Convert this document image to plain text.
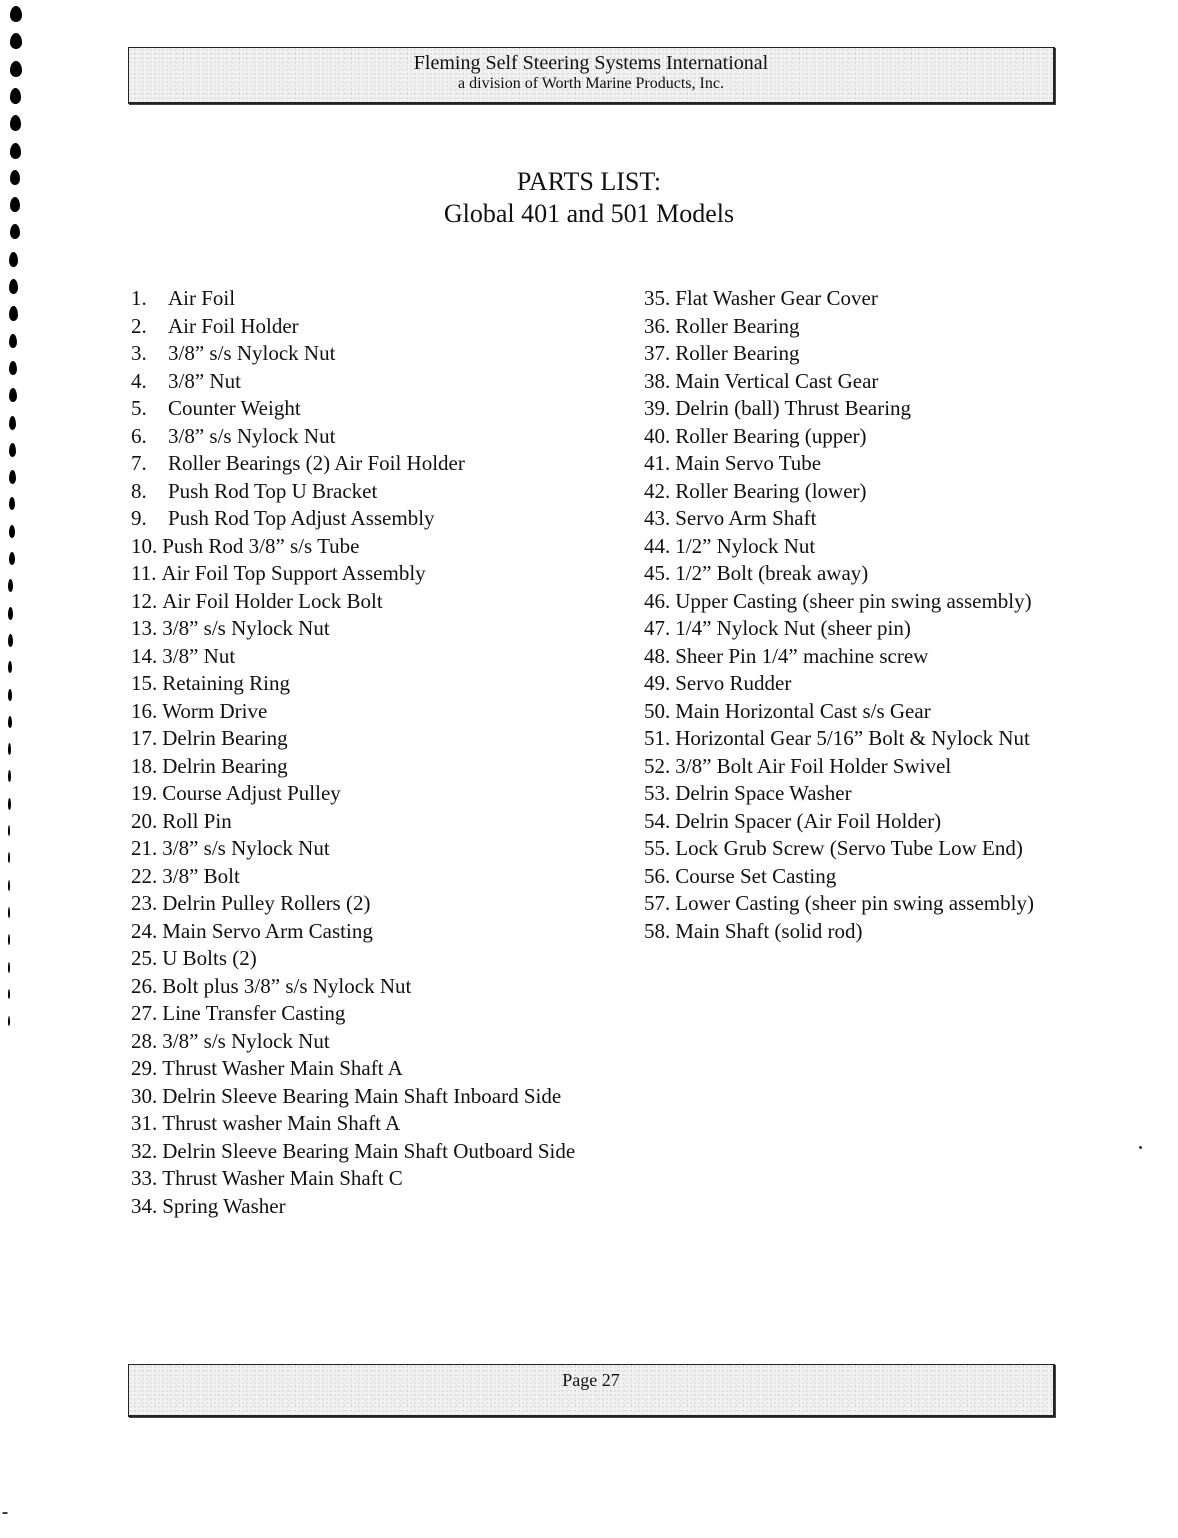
Fleming Self Steering Systems International
a division of Worth Marine Products, Inc.
PARTS LIST:
Global 401 and 501 Models
1.	Air Foil
2.	Air Foil Holder
3.	3/8” s/s Nylock Nut
4.	3/8” Nut
5.	Counter Weight
6.	3/8” s/s Nylock Nut
7.	Roller Bearings (2) Air Foil Holder
8.	Push Rod Top U Bracket
9.	Push Rod Top Adjust Assembly
10. Push Rod 3/8” s/s Tube
11. Air Foil Top Support Assembly
12. Air Foil Holder Lock Bolt
13. 3/8” s/s Nylock Nut
14. 3/8” Nut
15. Retaining Ring
16. Worm Drive
17. Delrin Bearing
18. Delrin Bearing
19. Course Adjust Pulley
20. Roll Pin
21. 3/8” s/s Nylock Nut
22. 3/8” Bolt
23. Delrin Pulley Rollers (2)
24. Main Servo Arm Casting
25. U Bolts (2)
26. Bolt plus 3/8” s/s Nylock Nut
27. Line Transfer Casting
28. 3/8” s/s Nylock Nut
29. Thrust Washer Main Shaft A
30. Delrin Sleeve Bearing Main Shaft Inboard Side
31. Thrust washer Main Shaft A
32. Delrin Sleeve Bearing Main Shaft Outboard Side
33. Thrust Washer Main Shaft C
34. Spring Washer
35. Flat Washer Gear Cover
36. Roller Bearing
37. Roller Bearing
38. Main Vertical Cast Gear
39. Delrin (ball) Thrust Bearing
40. Roller Bearing (upper)
41. Main Servo Tube
42. Roller Bearing (lower)
43. Servo Arm Shaft
44. 1/2” Nylock Nut
45. 1/2” Bolt (break away)
46. Upper Casting (sheer pin swing assembly)
47. 1/4” Nylock Nut (sheer pin)
48. Sheer Pin 1/4” machine screw
49. Servo Rudder
50. Main Horizontal Cast s/s Gear
51. Horizontal Gear 5/16” Bolt & Nylock Nut
52. 3/8” Bolt Air Foil Holder Swivel
53. Delrin Space Washer
54. Delrin Spacer (Air Foil Holder)
55. Lock Grub Screw (Servo Tube Low End)
56. Course Set Casting
57. Lower Casting (sheer pin swing assembly)
58. Main Shaft (solid rod)
Page 27
